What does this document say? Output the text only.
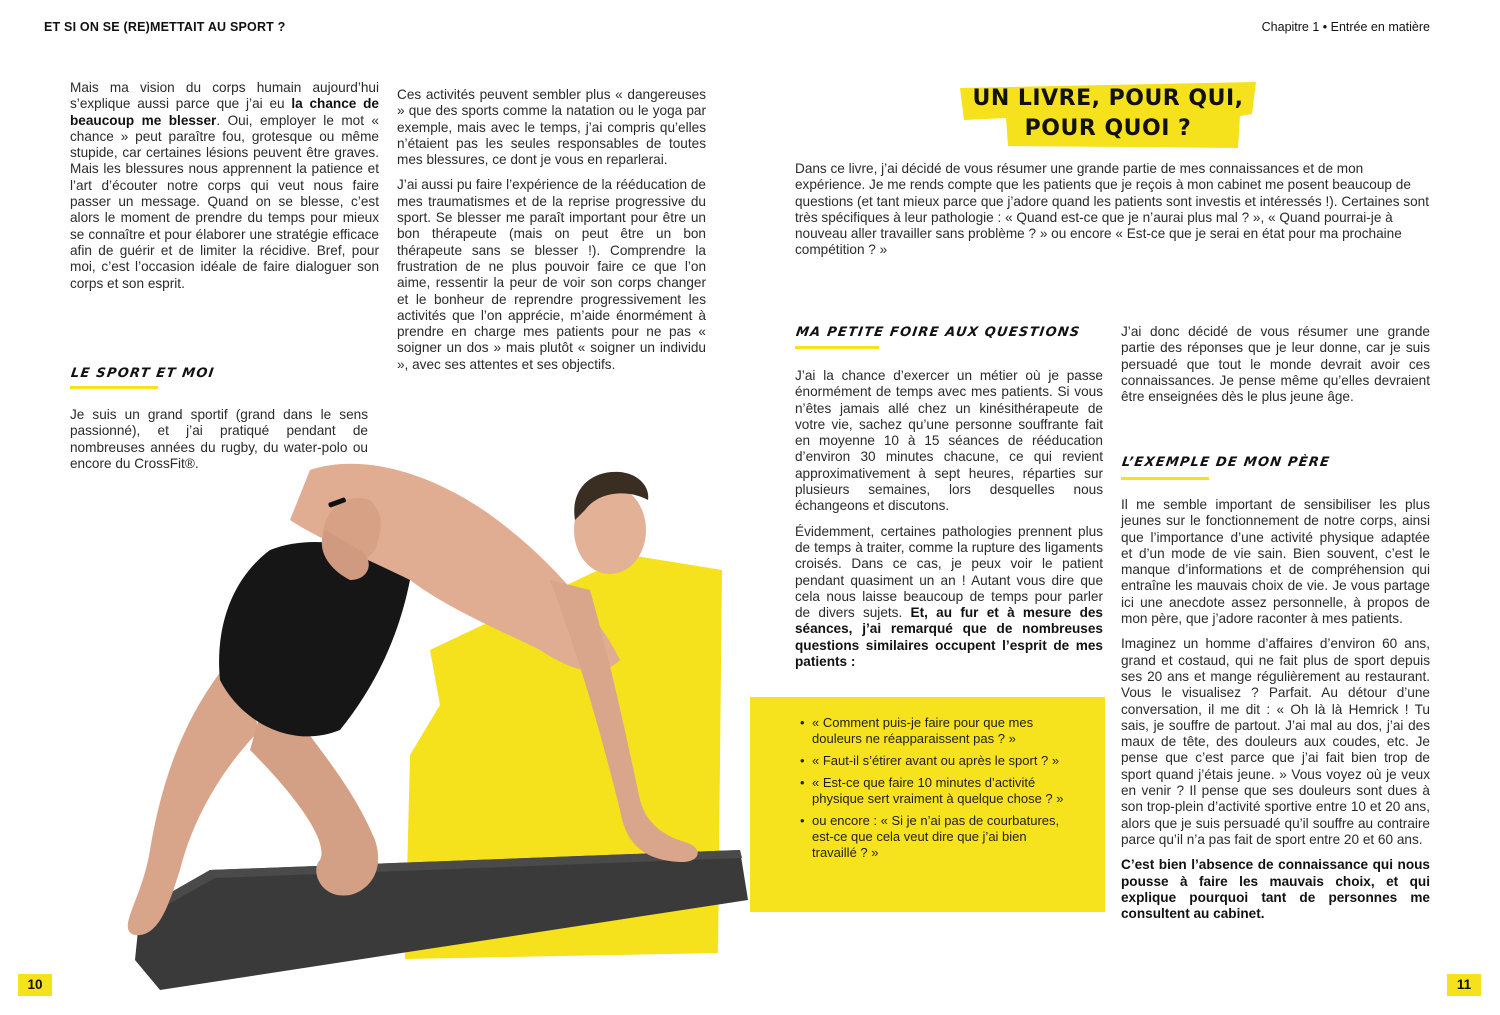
ET SI ON SE (RE)METTAIT AU SPORT ?	Chapitre 1 • Entrée en matière

Mais ma vision du corps humain aujourd’hui s’explique aussi parce que j’ai eu la chance de beaucoup me blesser. Oui, employer le mot « chance » peut paraître fou, grotesque ou même stupide, car certaines lésions peuvent être graves. Mais les blessures nous apprennent la patience et l’art d’écouter notre corps qui veut nous faire passer un message. Quand on se blesse, c’est alors le moment de prendre du temps pour mieux se connaître et pour élaborer une stratégie efficace afin de guérir et de limiter la récidive. Bref, pour moi, c’est l’occasion idéale de faire dialoguer son corps et son esprit.

LE SPORT ET MOI

Je suis un grand sportif (grand dans le sens passionné), et j’ai pratiqué pendant de nombreuses années du rugby, du water-polo ou encore du CrossFit®.

Ces activités peuvent sembler plus « dangereuses » que des sports comme la natation ou le yoga par exemple, mais avec le temps, j’ai compris qu’elles n’étaient pas les seules responsables de toutes mes blessures, ce dont je vous en reparlerai.

J’ai aussi pu faire l’expérience de la rééducation de mes traumatismes et de la reprise progressive du sport. Se blesser me paraît important pour être un bon thérapeute (mais on peut être un bon thérapeute sans se blesser !). Comprendre la frustration de ne plus pouvoir faire ce que l’on aime, ressentir la peur de voir son corps changer et le bonheur de reprendre progressivement les activités que l’on apprécie, m’aide énormément à prendre en charge mes patients pour ne pas « soigner un dos » mais plutôt « soigner un individu », avec ses attentes et ses objectifs.

10	11
UN LIVRE, POUR QUI,
POUR QUOI ?
Dans ce livre, j’ai décidé de vous résumer une grande partie de mes connaissances et de mon expérience. Je me rends compte que les patients que je reçois à mon cabinet me posent beaucoup de questions (et tant mieux parce que j’adore quand les patients sont investis et intéressés !). Certaines sont très spécifiques à leur pathologie : « Quand est-ce que je n’aurai plus mal ? », « Quand pourrai-je à nouveau aller travailler sans problème ? » ou encore « Est-ce que je serai en état pour ma prochaine compétition ? »
MA PETITE FOIRE AUX QUESTIONS

J’ai la chance d’exercer un métier où je passe énormément de temps avec mes patients. Si vous n’êtes jamais allé chez un kinésithérapeute de votre vie, sachez qu’une personne souffrante fait en moyenne 10 à 15 séances de rééducation d’environ 30 minutes chacune, ce qui revient approximativement à sept heures, réparties sur plusieurs semaines, lors desquelles nous échangeons et discutons.

Évidemment, certaines pathologies prennent plus de temps à traiter, comme la rupture des ligaments croisés. Dans ce cas, je peux voir le patient pendant quasiment un an ! Autant vous dire que cela nous laisse beaucoup de temps pour parler de divers sujets. Et, au fur et à mesure des séances, j’ai remarqué que de nombreuses questions similaires occupent l’esprit de mes patients :

• « Comment puis-je faire pour que mes douleurs ne réapparaissent pas ? »
• « Faut-il s’étirer avant ou après le sport ? »
• « Est-ce que faire 10 minutes d’activité physique sert vraiment à quelque chose ? »
• ou encore : « Si je n’ai pas de courbatures, est-ce que cela veut dire que j’ai bien travaillé ? »

J’ai donc décidé de vous résumer une grande partie des réponses que je leur donne, car je suis persuadé que tout le monde devrait avoir ces connaissances. Je pense même qu’elles devraient être enseignées dès le plus jeune âge.

L’EXEMPLE DE MON PÈRE

Il me semble important de sensibiliser les plus jeunes sur le fonctionnement de notre corps, ainsi que l’importance d’une activité physique adaptée et d’un mode de vie sain. Bien souvent, c’est le manque d’informations et de compréhension qui entraîne les mauvais choix de vie. Je vous partage ici une anecdote assez personnelle, à propos de mon père, que j’adore raconter à mes patients.

Imaginez un homme d’affaires d’environ 60 ans, grand et costaud, qui ne fait plus de sport depuis ses 20 ans et mange régulièrement au restaurant. Vous le visualisez ? Parfait. Au détour d’une conversation, il me dit : « Oh là là Hemrick ! Tu sais, je souffre de partout. J’ai mal au dos, j’ai des maux de tête, des douleurs aux coudes, etc. Je pense que c’est parce que j’ai fait bien trop de sport quand j’étais jeune. » Vous voyez où je veux en venir ? Il pense que ses douleurs sont dues à son trop-plein d’activité sportive entre 10 et 20 ans, alors que je suis persuadé qu’il souffre au contraire parce qu’il n’a pas fait de sport entre 20 et 60 ans.

C’est bien l’absence de connaissance qui nous pousse à faire les mauvais choix, et qui explique pourquoi tant de personnes me consultent au cabinet.
